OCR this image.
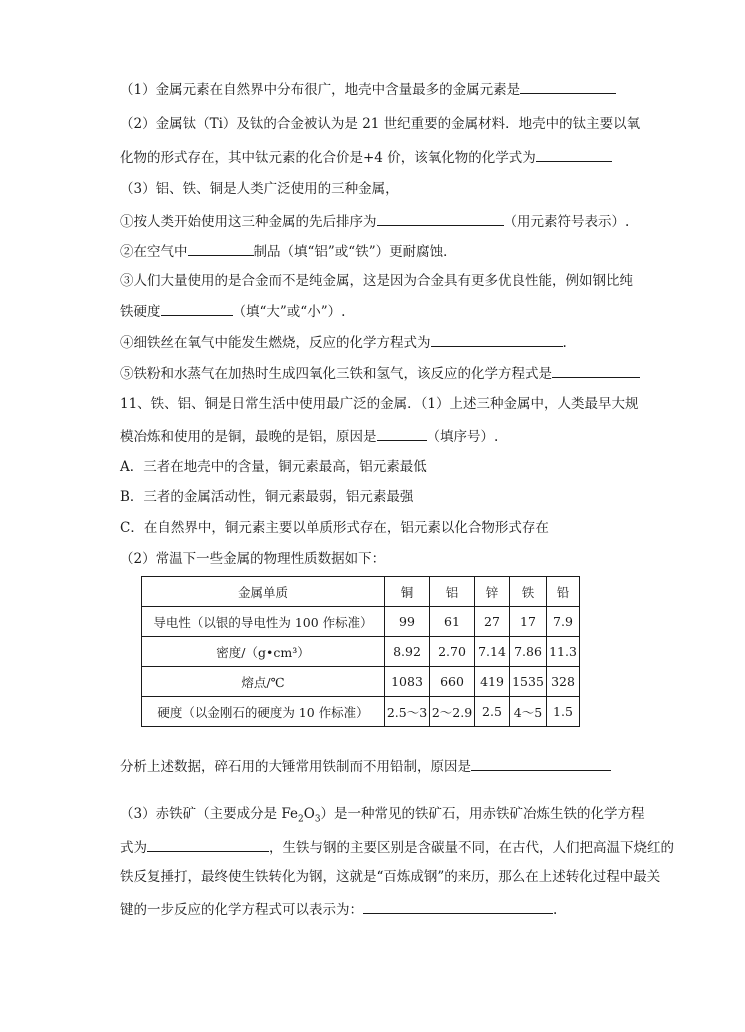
（1）金属元素在自然界中分布很广，地壳中含量最多的金属元素是
（2）金属钛（Ti）及钛的合金被认为是 21 世纪重要的金属材料．地壳中的钛主要以氧
化物的形式存在，其中钛元素的化合价是+4 价，该氧化物的化学式为
（3）铝、铁、铜是人类广泛使用的三种金属，
①按人类开始使用这三种金属的先后排序为	（用元素符号表示）.
②在空气中	制品（填“铝”或“铁”）更耐腐蚀．
③人们大量使用的是合金而不是纯金属，这是因为合金具有更多优良性能，例如钢比纯
铁硬度	（填“大”或“小”）.
④细铁丝在氧气中能发生燃烧，反应的化学方程式为	.
⑤铁粉和水蒸气在加热时生成四氧化三铁和氢气，该反应的化学方程式是
11、铁、铝、铜是日常生活中使用最广泛的金属．（1）上述三种金属中，人类最早大规
模冶炼和使用的是铜，最晚的是铝，原因是	（填序号）.
A．三者在地壳中的含量，铜元素最高，铝元素最低
B．三者的金属活动性，铜元素最弱，铝元素最强
C．在自然界中，铜元素主要以单质形式存在，铝元素以化合物形式存在
（2）常温下一些金属的物理性质数据如下：
金属单质	铜	铝	锌	铁	铅
导电性（以银的导电性为 100 作标准）	99	61	27	17	7.9
密度/（g•cm³）	8.92	2.70	7.14	7.86	11.3
熔点/℃	1083	660	419	1535	328
硬度（以金刚石的硬度为 10 作标准）	2.5～3	2～2.9	2.5	4～5	1.5
分析上述数据，碎石用的大锤常用铁制而不用铅制，原因是
（3）赤铁矿（主要成分是 $Fe_2O_3$）是一种常见的铁矿石，用赤铁矿冶炼生铁的化学方程
式为	，生铁与钢的主要区别是含碳量不同，在古代，人们把高温下烧红的
铁反复捶打，最终使生铁转化为钢，这就是“百炼成钢”的来历，那么在上述转化过程中最关
键的一步反应的化学方程式可以表示为：	.
